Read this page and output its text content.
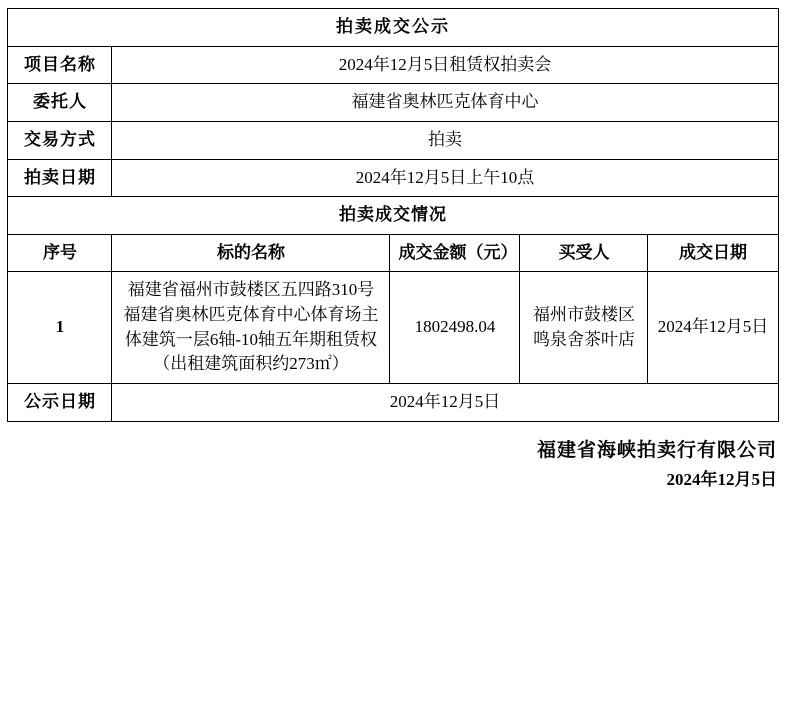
拍卖成交公示				
项目名称	2024年12月5日租赁权拍卖会			
委托人	福建省奥林匹克体育中心			
交易方式	拍卖			
拍卖日期	2024年12月5日上午10点			
拍卖成交情况				
序号	标的名称	成交金额（元）	买受人	成交日期
1	福建省福州市鼓楼区五四路310号福建省奥林匹克体育中心体育场主体建筑一层6轴-10轴五年期租赁权（出租建筑面积约273㎡）	1802498.04	福州市鼓楼区鸣泉舍茶叶店	2024年12月5日
公示日期	2024年12月5日			
福建省海峡拍卖行有限公司
2024年12月5日
